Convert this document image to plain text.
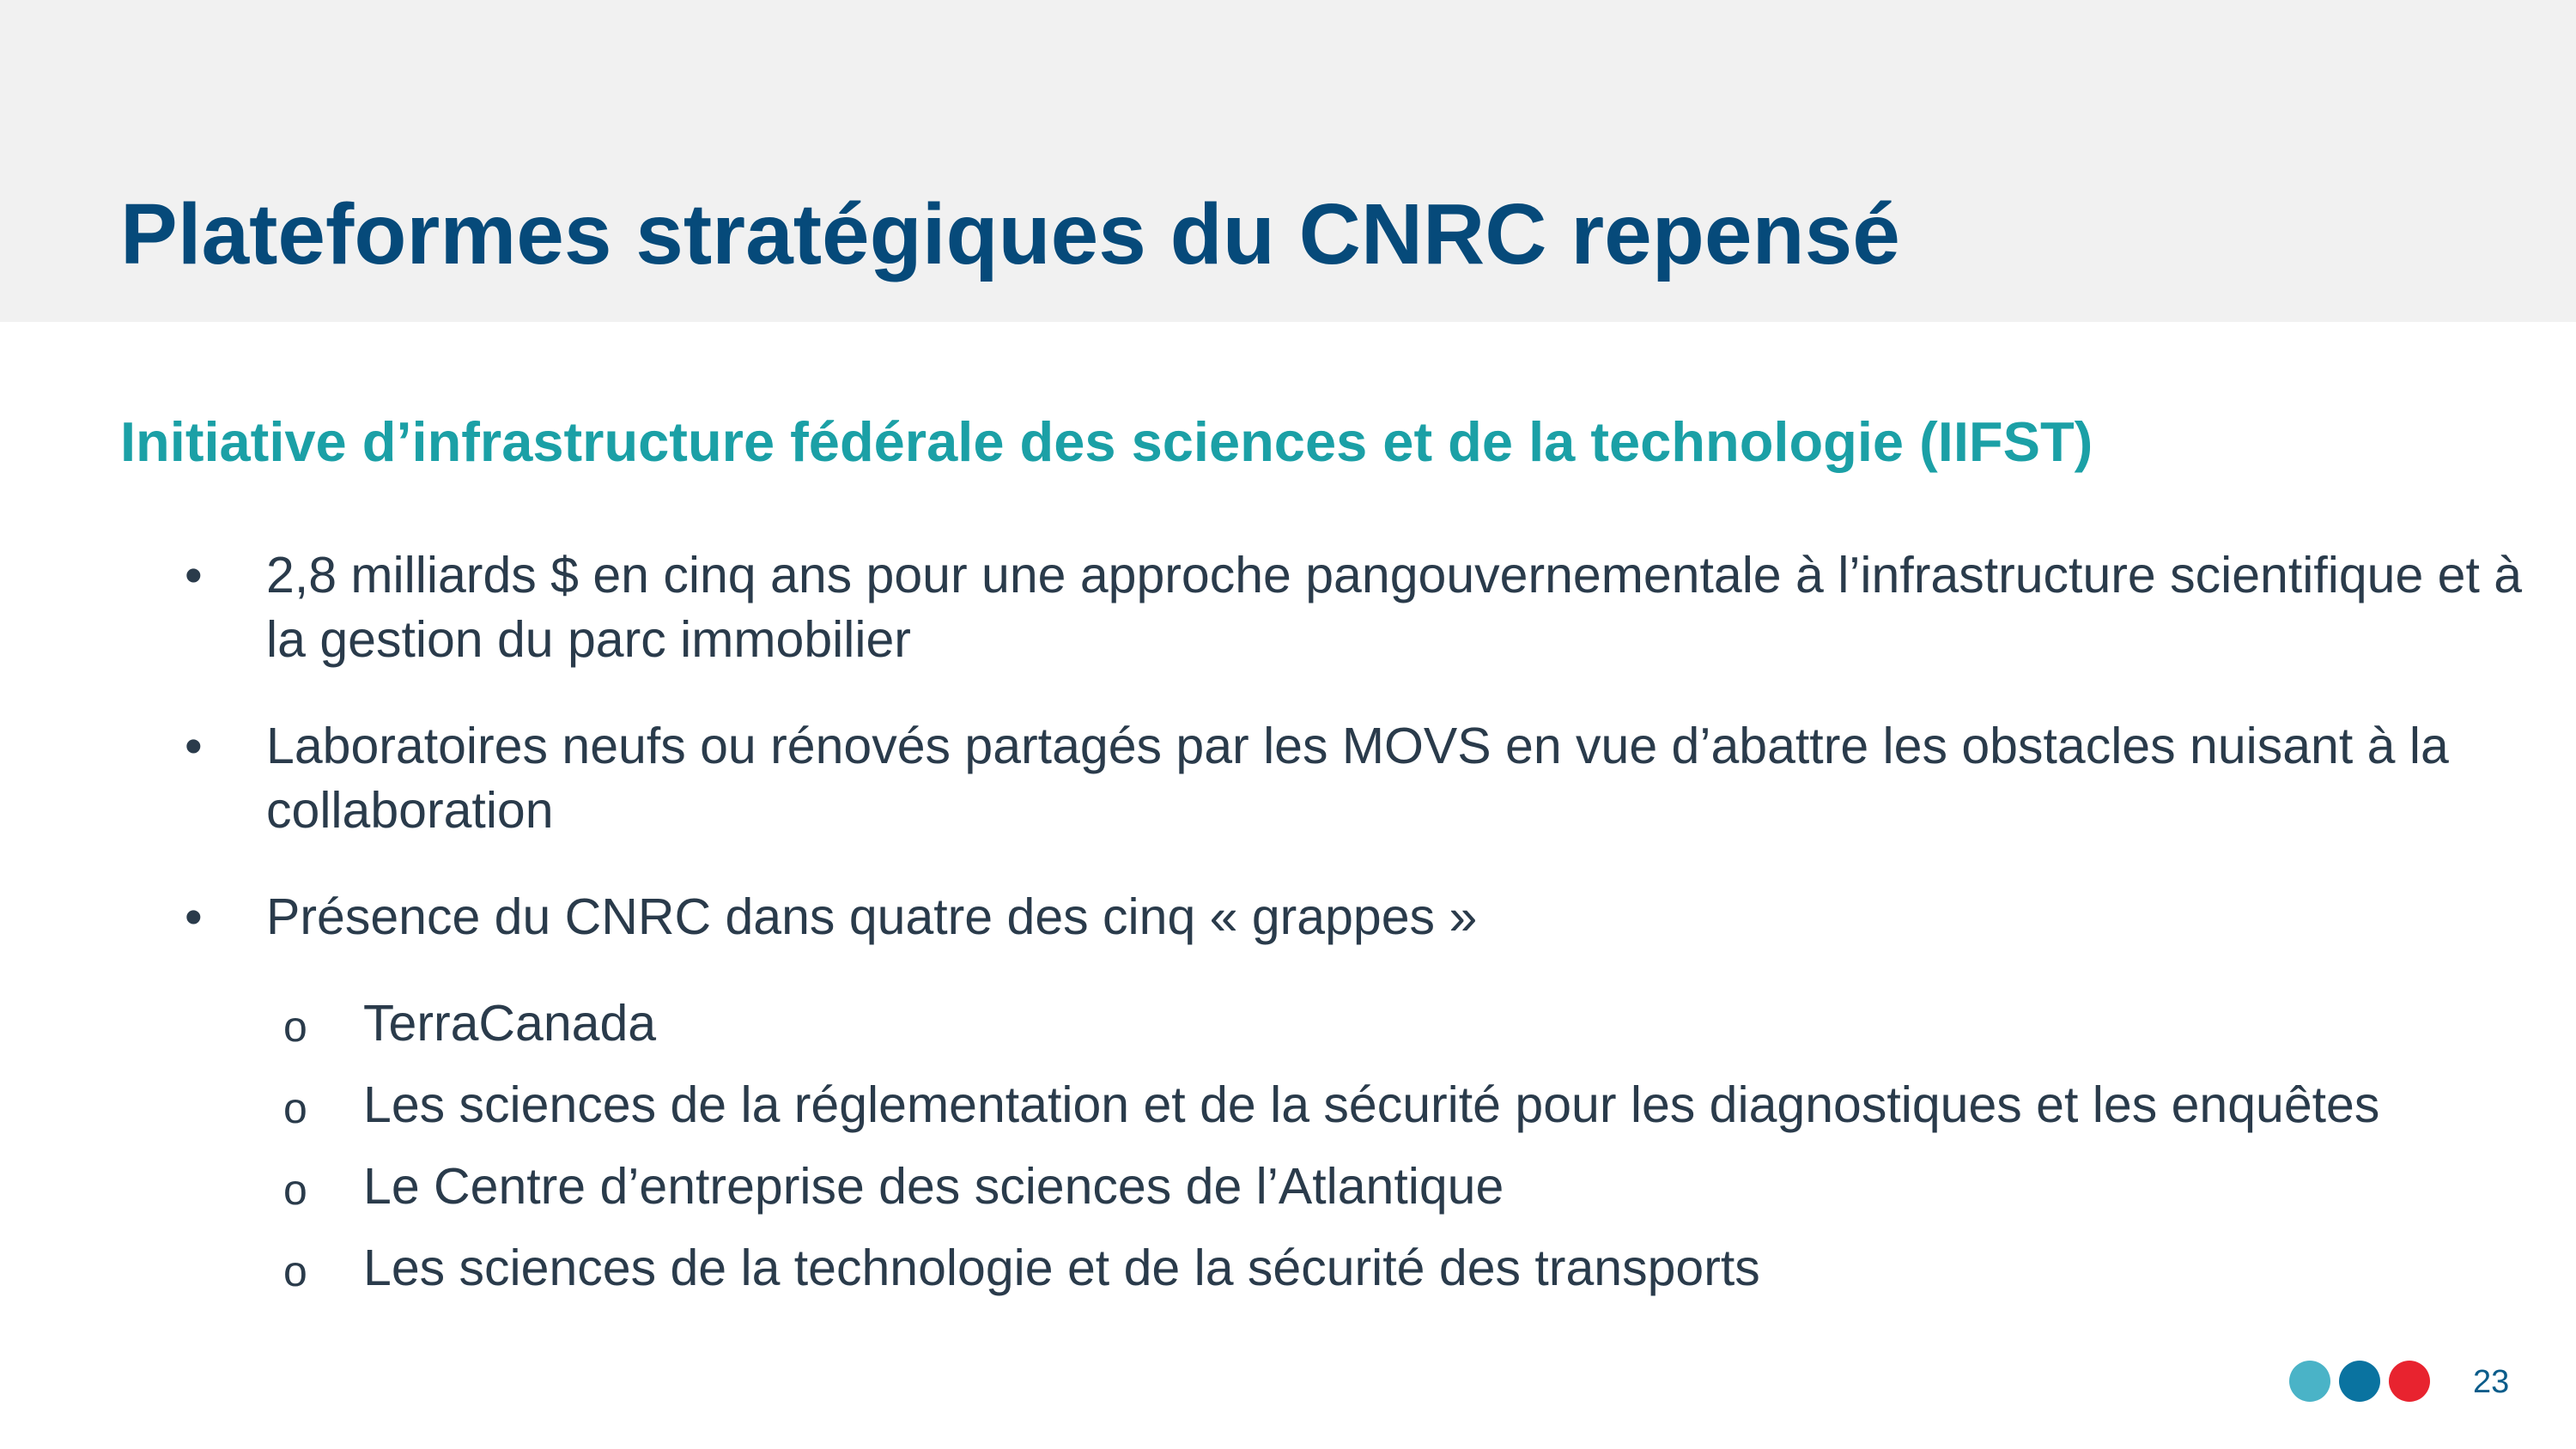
Plateformes stratégiques du CNRC repensé
Initiative d’infrastructure fédérale des sciences et de la technologie (IIFST)
•	2,8 milliards $ en cinq ans pour une approche pangouvernementale à l’infrastructure scientifique et à la gestion du parc immobilier
•	Laboratoires neufs ou rénovés partagés par les MOVS en vue d’abattre les obstacles nuisant à la collaboration
•	Présence du CNRC dans quatre des cinq « grappes »
o TerraCanada
o Les sciences de la réglementation et de la sécurité pour les diagnostiques et les enquêtes
o Le Centre d’entreprise des sciences de l’Atlantique
o Les sciences de la technologie et de la sécurité des transports
23
